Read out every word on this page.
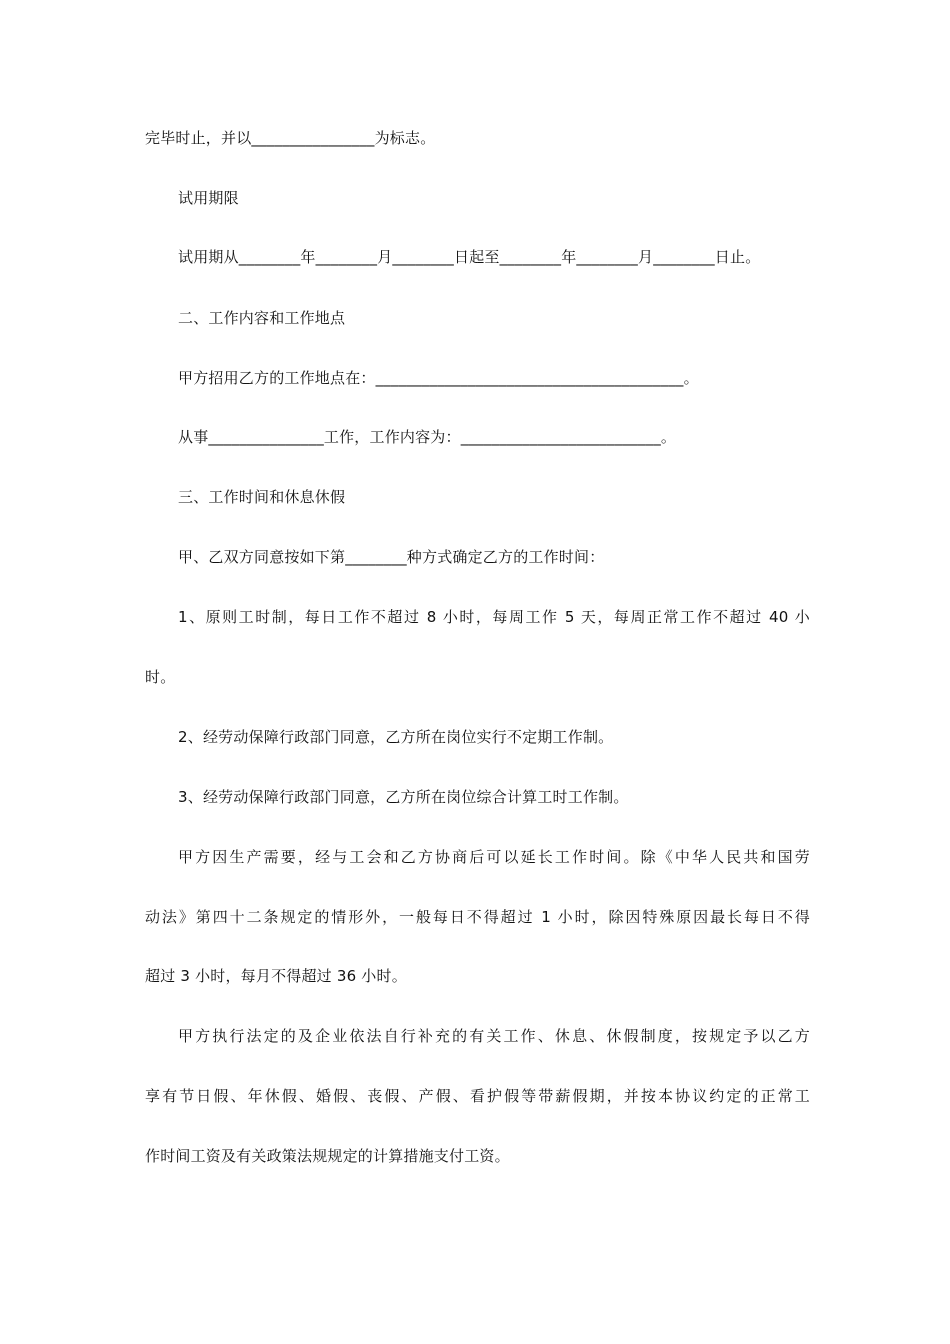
完毕时止，并以________________为标志。
试用期限
试用期从________年________月________日起至________年________月________日止。
二、工作内容和工作地点
甲方招用乙方的工作地点在：________________________________________。
从事_______________工作，工作内容为：__________________________。
三、工作时间和休息休假
甲、乙双方同意按如下第________种方式确定乙方的工作时间：
1、原则工时制，每日工作不超过 8 小时，每周工作 5 天，每周正常工作不超过 40 小
时。
2、经劳动保障行政部门同意，乙方所在岗位实行不定期工作制。
3、经劳动保障行政部门同意，乙方所在岗位综合计算工时工作制。
甲方因生产需要，经与工会和乙方协商后可以延长工作时间。除《中华人民共和国劳
动法》第四十二条规定的情形外，一般每日不得超过 1 小时，除因特殊原因最长每日不得
超过 3 小时，每月不得超过 36 小时。
甲方执行法定的及企业依法自行补充的有关工作、休息、休假制度，按规定予以乙方
享有节日假、年休假、婚假、丧假、产假、看护假等带薪假期，并按本协议约定的正常工
作时间工资及有关政策法规规定的计算措施支付工资。
